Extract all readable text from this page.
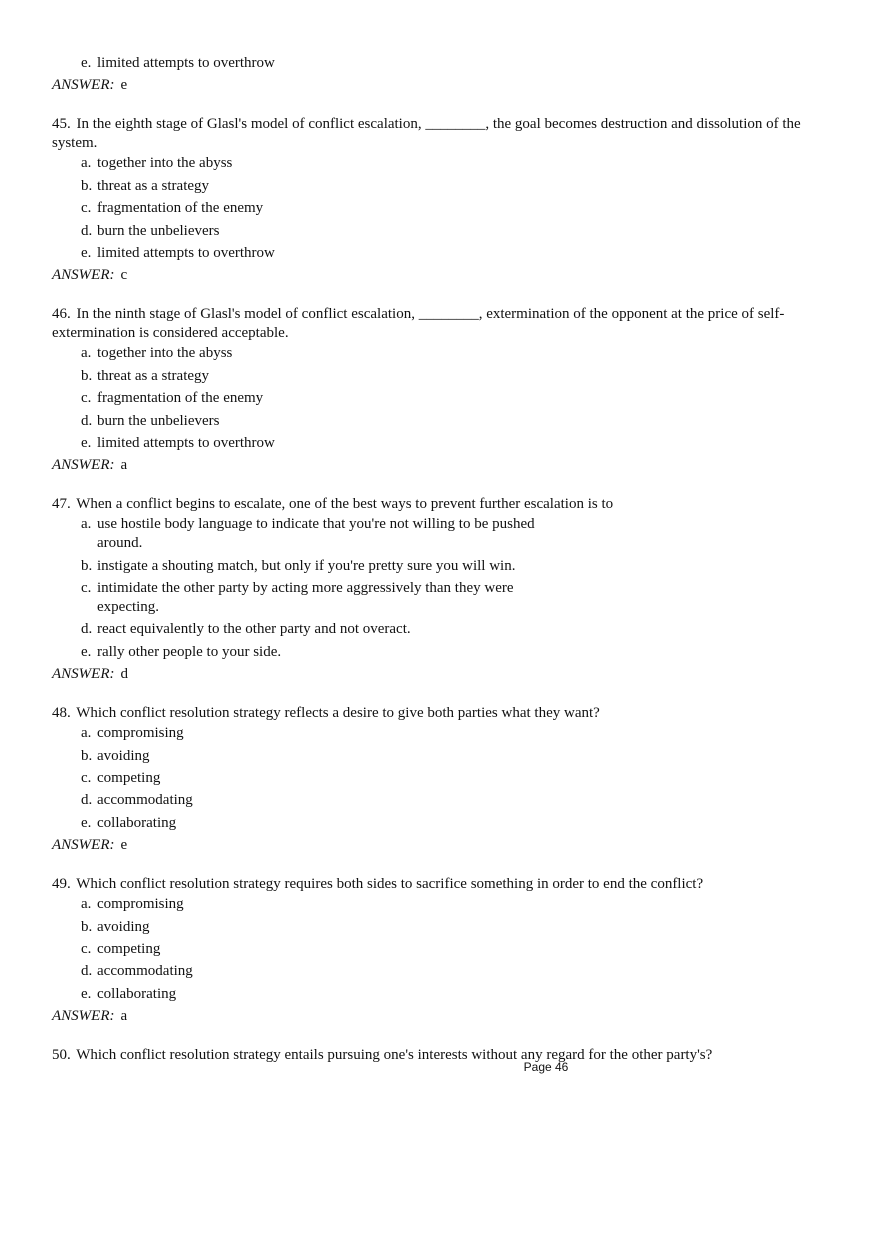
e. limited attempts to overthrow
ANSWER: e
45. In the eighth stage of Glasl's model of conflict escalation, ________, the goal becomes destruction and dissolution of the system.
a. together into the abyss
b. threat as a strategy
c. fragmentation of the enemy
d. burn the unbelievers
e. limited attempts to overthrow
ANSWER: c
46. In the ninth stage of Glasl's model of conflict escalation, ________, extermination of the opponent at the price of self-extermination is considered acceptable.
a. together into the abyss
b. threat as a strategy
c. fragmentation of the enemy
d. burn the unbelievers
e. limited attempts to overthrow
ANSWER: a
47. When a conflict begins to escalate, one of the best ways to prevent further escalation is to
a. use hostile body language to indicate that you're not willing to be pushed around.
b. instigate a shouting match, but only if you're pretty sure you will win.
c. intimidate the other party by acting more aggressively than they were expecting.
d. react equivalently to the other party and not overact.
e. rally other people to your side.
ANSWER: d
48. Which conflict resolution strategy reflects a desire to give both parties what they want?
a. compromising
b. avoiding
c. competing
d. accommodating
e. collaborating
ANSWER: e
49. Which conflict resolution strategy requires both sides to sacrifice something in order to end the conflict?
a. compromising
b. avoiding
c. competing
d. accommodating
e. collaborating
ANSWER: a
50. Which conflict resolution strategy entails pursuing one's interests without any regard for the other party's?
Page 46
